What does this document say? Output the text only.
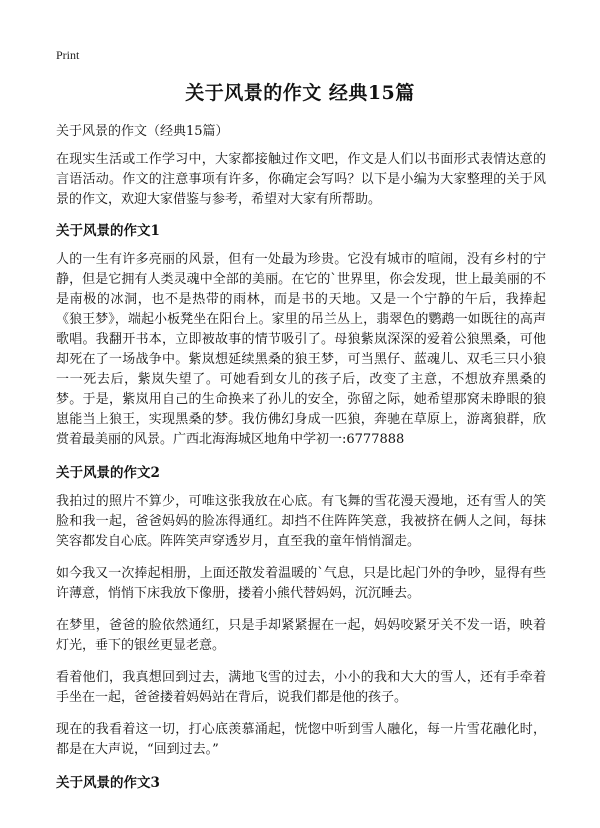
Print
关于风景的作文 经典15篇
关于风景的作文（经典15篇）

在现实生活或工作学习中，大家都接触过作文吧，作文是人们以书面形式表情达意的言语活动。作文的注意事项有许多，你确定会写吗？以下是小编为大家整理的关于风景的作文，欢迎大家借鉴与参考，希望对大家有所帮助。

关于风景的作文1

人的一生有许多亮丽的风景，但有一处最为珍贵。它没有城市的喧闹，没有乡村的宁静，但是它拥有人类灵魂中全部的美丽。在它的`世界里，你会发现，世上最美丽的不是南极的冰洞，也不是热带的雨林，而是书的天地。又是一个宁静的午后，我捧起《狼王梦》，端起小板凳坐在阳台上。家里的吊兰丛上，翡翠色的鹦鹉一如既往的高声歌唱。我翻开书本，立即被故事的情节吸引了。母狼紫岚深深的爱着公狼黑桑，可他却死在了一场战争中。紫岚想延续黑桑的狼王梦，可当黑仔、蓝魂儿、双毛三只小狼一一死去后，紫岚失望了。可她看到女儿的孩子后，改变了主意，不想放弃黑桑的梦。于是，紫岚用自己的生命换来了孙儿的安全，弥留之际，她希望那窝未睁眼的狼崽能当上狼王，实现黑桑的梦。我仿佛幻身成一匹狼，奔驰在草原上，游离狼群，欣赏着最美丽的风景。广西北海海城区地角中学初一:6777888

关于风景的作文2

我拍过的照片不算少，可唯这张我放在心底。有飞舞的雪花漫天漫地，还有雪人的笑脸和我一起，爸爸妈妈的脸冻得通红。却挡不住阵阵笑意，我被挤在俩人之间，每抹笑容都发自心底。阵阵笑声穿透岁月，直至我的童年悄悄溜走。

如今我又一次捧起相册，上面还散发着温暖的`气息，只是比起门外的争吵，显得有些许薄意，悄悄下床我放下像册，搂着小熊代替妈妈，沉沉睡去。

在梦里，爸爸的脸依然通红，只是手却紧紧握在一起，妈妈咬紧牙关不发一语，映着灯光，垂下的银丝更显老意。

看着他们，我真想回到过去，满地飞雪的过去，小小的我和大大的雪人，还有手牵着手坐在一起，爸爸搂着妈妈站在背后，说我们都是他的孩子。

现在的我看着这一切，打心底羡慕涌起，恍惚中听到雪人融化，每一片雪花融化时，都是在大声说，“回到过去。”

关于风景的作文3
